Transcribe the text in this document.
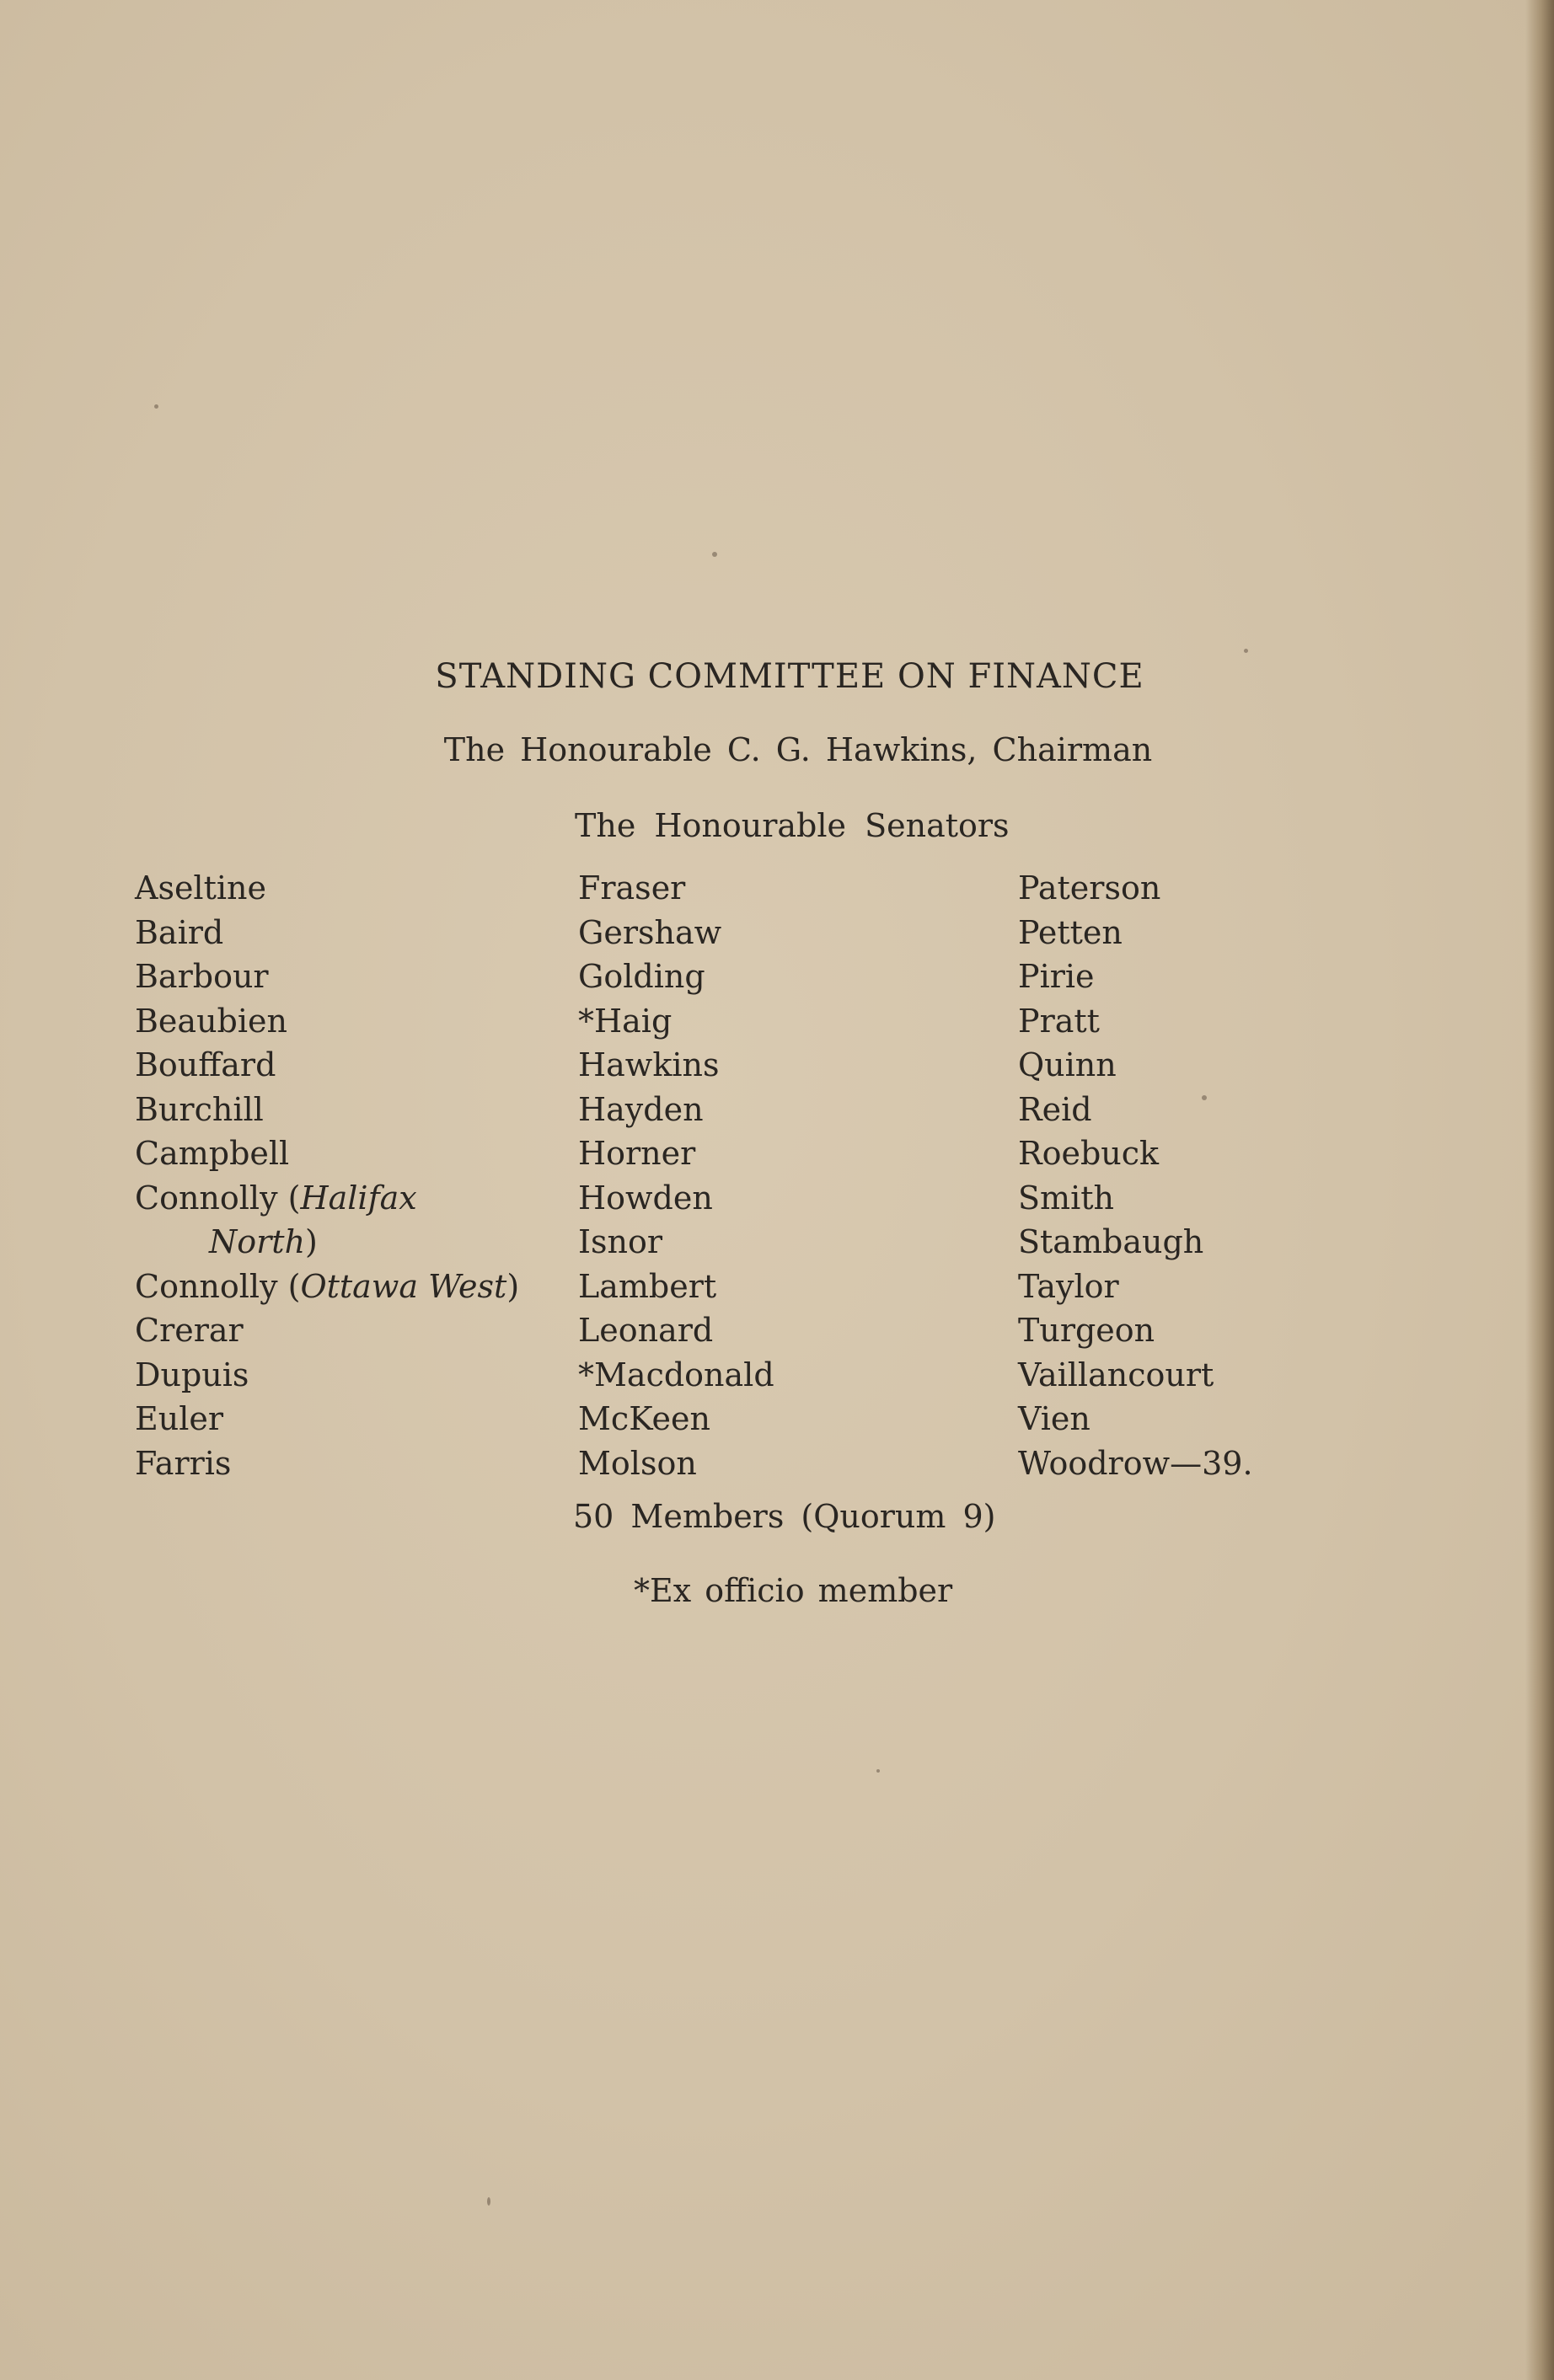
STANDING COMMITTEE ON FINANCE
The Honourable C. G. Hawkins, Chairman
The Honourable Senators
Aseltine
Baird
Barbour
Beaubien
Bouffard
Burchill
Campbell
Connolly (Halifax
North)
Connolly (Ottawa West)
Crerar
Dupuis
Euler
Farris
Fraser
Gershaw
Golding
*Haig
Hawkins
Hayden
Horner
Howden
Isnor
Lambert
Leonard
*Macdonald
McKeen
Molson
Paterson
Petten
Pirie
Pratt
Quinn
Reid
Roebuck
Smith
Stambaugh
Taylor
Turgeon
Vaillancourt
Vien
Woodrow—39.
50 Members (Quorum 9)
*Ex officio member
